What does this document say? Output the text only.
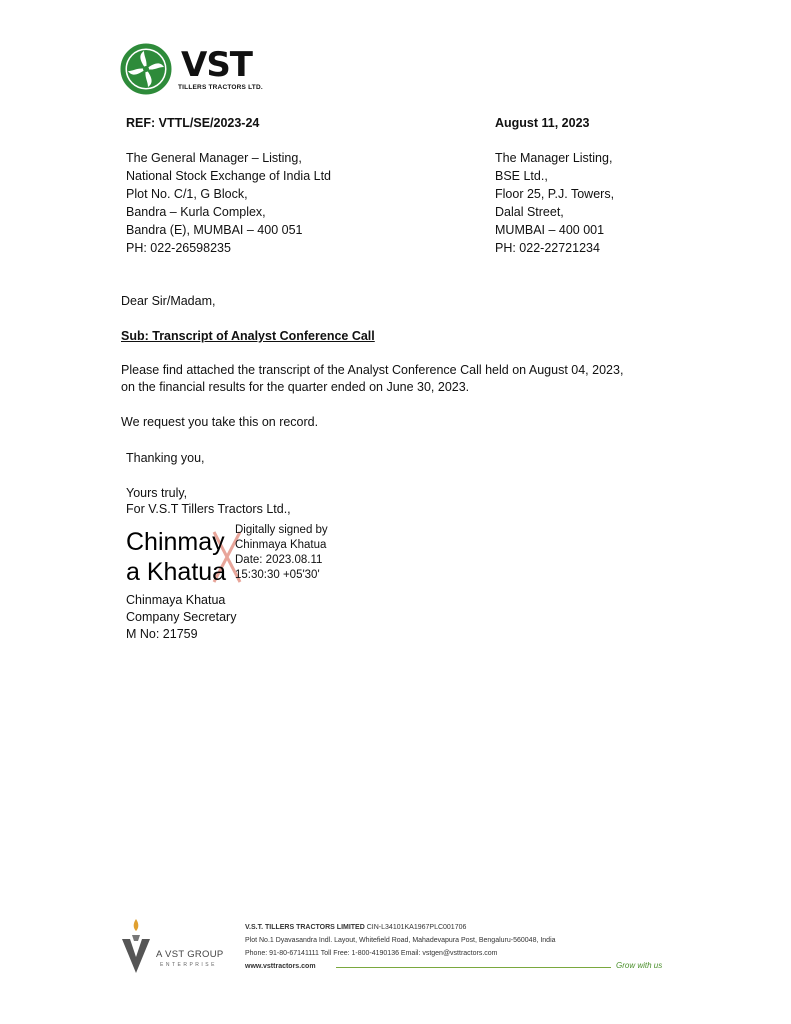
VST
TILLERS TRACTORS LTD.
REF: VTTL/SE/2023-24	August 11, 2023
The General Manager – Listing,
National Stock Exchange of India Ltd
Plot No. C/1, G Block,
Bandra – Kurla Complex,
Bandra (E), MUMBAI – 400 051
PH: 022-26598235
The Manager Listing,
BSE Ltd.,
Floor 25, P.J. Towers,
Dalal Street,
MUMBAI – 400 001
PH: 022-22721234
Dear Sir/Madam,
Sub: Transcript of Analyst Conference Call
Please find attached the transcript of the Analyst Conference Call held on August 04, 2023,
on the financial results for the quarter ended on June 30, 2023.
We request you take this on record.
Thanking you,
Yours truly,
For V.S.T Tillers Tractors Ltd.,
Chinmay
a Khatua
Digitally signed by
Chinmaya Khatua
Date: 2023.08.11
15:30:30 +05'30'
Chinmaya Khatua
Company Secretary
M No: 21759
A VST GROUP
ENTERPRISE
V.S.T. TILLERS TRACTORS LIMITED CIN-L34101KA1967PLC001706
Plot No.1 Dyavasandra Indl. Layout, Whitefield Road, Mahadevapura Post, Bengaluru-560048, India
Phone: 91-80-67141111 Toll Free: 1-800-4190136 Email: vstgen@vsttractors.com
www.vsttractors.com	Grow with us
